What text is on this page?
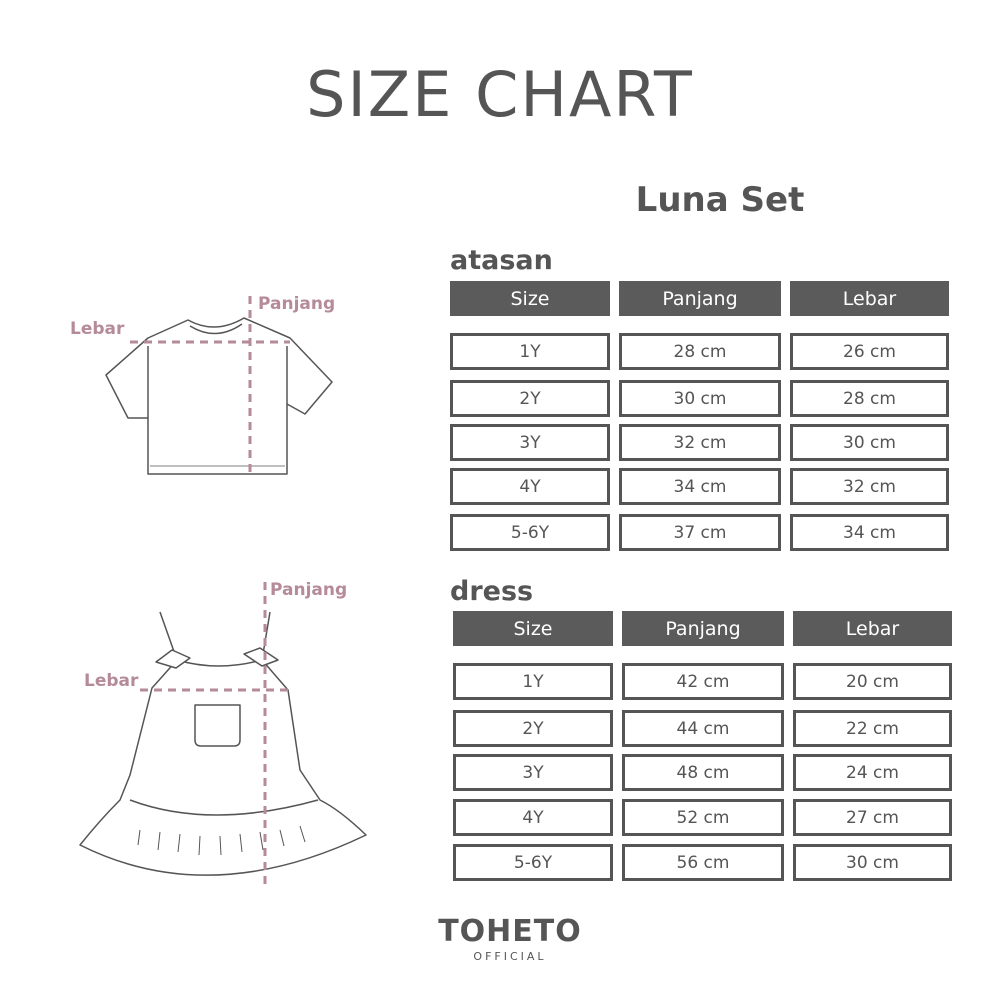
SIZE CHART
Luna Set
Panjang
Lebar
Panjang
Lebar
atasan
Size	Panjang	Lebar
1Y	28 cm	26 cm
2Y	30 cm	28 cm
3Y	32 cm	30 cm
4Y	34 cm	32 cm
5-6Y	37 cm	34 cm
dress
Size	Panjang	Lebar
1Y	42 cm	20 cm
2Y	44 cm	22 cm
3Y	48 cm	24 cm
4Y	52 cm	27 cm
5-6Y	56 cm	30 cm
TOHETO
OFFICIAL
